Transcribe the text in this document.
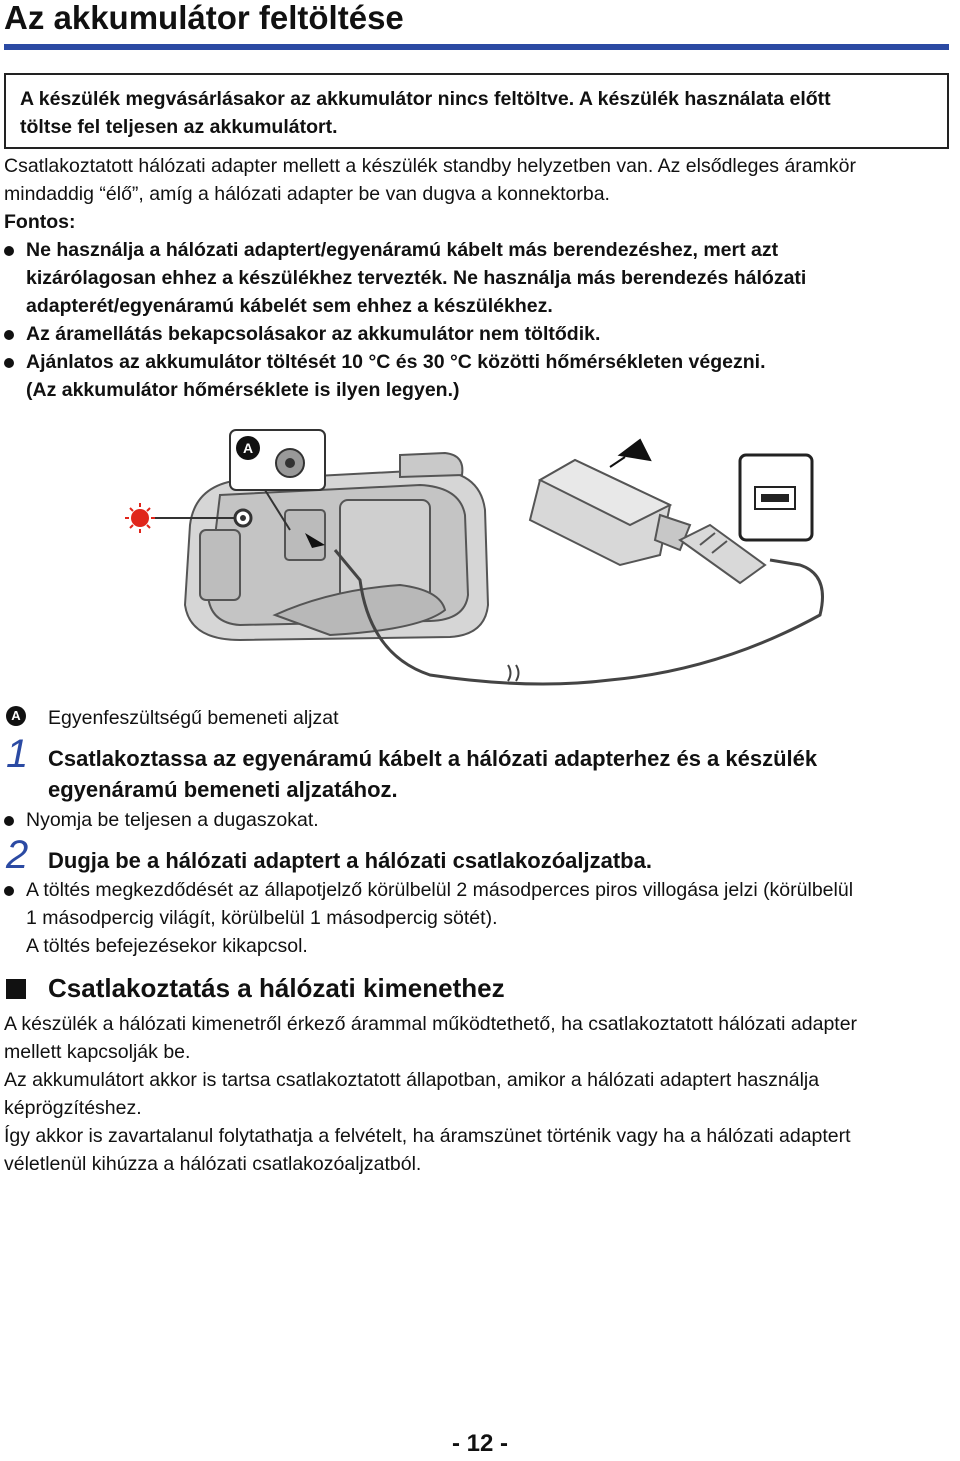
Az akkumulátor feltöltése

A készülék megvásárlásakor az akkumulátor nincs feltöltve. A készülék használata előtt

töltse fel teljesen az akkumulátort.

Csatlakoztatott hálózati adapter mellett a készülék standby helyzetben van. Az elsődleges áramkör
mindaddig “élő”, amíg a hálózati adapter be van dugva a konnektorba.
Fontos:
Ne használja a hálózati adaptert/egyenáramú kábelt más berendezéshez, mert azt
kizárólagosan ehhez a készülékhez tervezték. Ne használja más berendezés hálózati
adapterét/egyenáramú kábelét sem ehhez a készülékhez.
Az áramellátás bekapcsolásakor az akkumulátor nem töltődik.
Ajánlatos az akkumulátor töltését 10 °C és 30 °C közötti hőmérsékleten végezni.
(Az akkumulátor hőmérséklete is ilyen legyen.)
A
A Egyenfeszültségű bemeneti aljzat
1 Csatlakoztassa az egyenáramú kábelt a hálózati adapterhez és a készülék
egyenáramú bemeneti aljzatához.
Nyomja be teljesen a dugaszokat.
2 Dugja be a hálózati adaptert a hálózati csatlakozóaljzatba.
A töltés megkezdődését az állapotjelző körülbelül 2 másodperces piros villogása jelzi (körülbelül
1 másodpercig világít, körülbelül 1 másodpercig sötét).
A töltés befejezésekor kikapcsol.
Csatlakoztatás a hálózati kimenethez
A készülék a hálózati kimenetről érkező árammal működtethető, ha csatlakoztatott hálózati adapter
mellett kapcsolják be.
Az akkumulátort akkor is tartsa csatlakoztatott állapotban, amikor a hálózati adaptert használja
képrögzítéshez.
Így akkor is zavartalanul folytathatja a felvételt, ha áramszünet történik vagy ha a hálózati adaptert
véletlenül kihúzza a hálózati csatlakozóaljzatból.
- 12 -
